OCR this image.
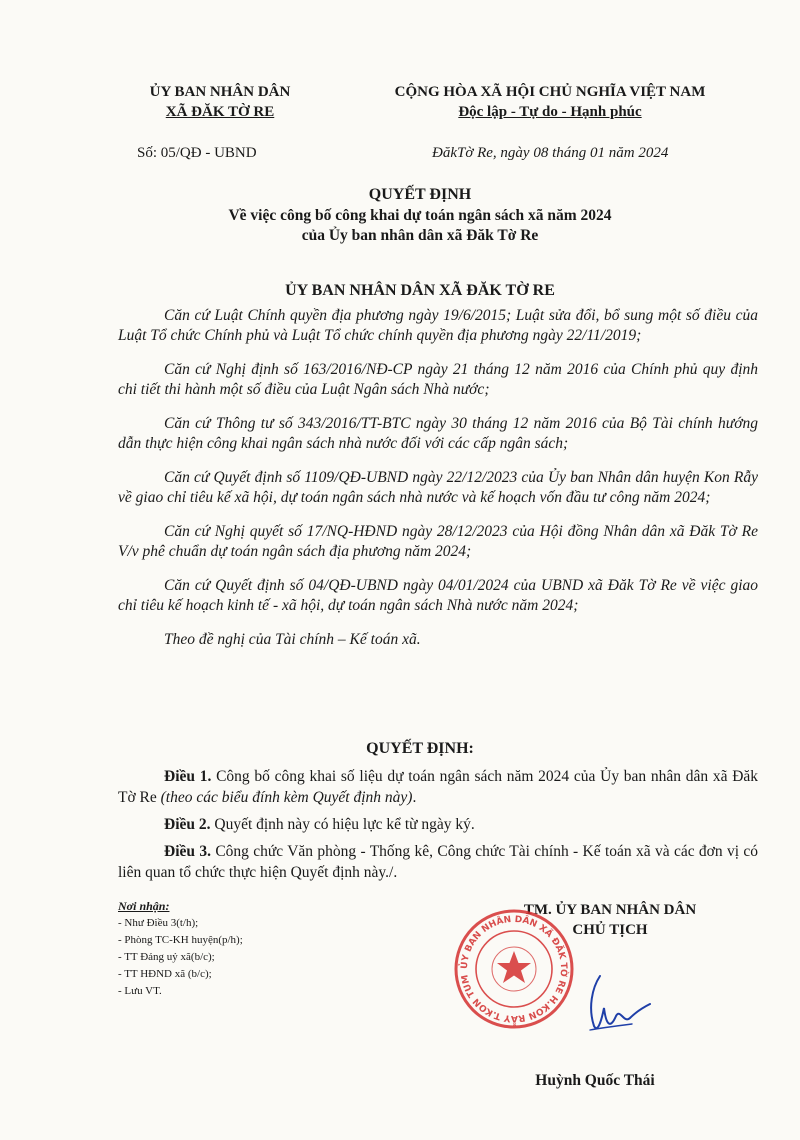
ỦY BAN NHÂN DÂN
XÃ ĐĂK TỜ RE
CỘNG HÒA XÃ HỘI CHỦ NGHĨA VIỆT NAM
Độc lập - Tự do - Hạnh phúc
Số: 05/QĐ - UBND	ĐăkTờ Re, ngày 08 tháng 01 năm 2024
QUYẾT ĐỊNH
Về việc công bố công khai dự toán ngân sách xã năm 2024
của Ủy ban nhân dân xã Đăk Tờ Re
ỦY BAN NHÂN DÂN XÃ ĐĂK TỜ RE

Căn cứ Luật Chính quyền địa phương ngày 19/6/2015; Luật sửa đổi, bổ sung một số điều của Luật Tổ chức Chính phủ và Luật Tổ chức chính quyền địa phương ngày 22/11/2019;

Căn cứ Nghị định số 163/2016/NĐ-CP ngày 21 tháng 12 năm 2016 của Chính phủ quy định chi tiết thi hành một số điều của Luật Ngân sách Nhà nước;

Căn cứ Thông tư số 343/2016/TT-BTC ngày 30 tháng 12 năm 2016 của Bộ Tài chính hướng dẫn thực hiện công khai ngân sách nhà nước đối với các cấp ngân sách;

Căn cứ Quyết định số 1109/QĐ-UBND ngày 22/12/2023 của Ủy ban Nhân dân huyện Kon Rẫy về giao chỉ tiêu kế xã hội, dự toán ngân sách nhà nước và kế hoạch vốn đầu tư công năm 2024;

Căn cứ Nghị quyết số 17/NQ-HĐND ngày 28/12/2023 của Hội đồng Nhân dân xã Đăk Tờ Re V/v phê chuẩn dự toán ngân sách địa phương năm 2024;

Căn cứ Quyết định số 04/QĐ-UBND ngày 04/01/2024 của UBND xã Đăk Tờ Re về việc giao chỉ tiêu kế hoạch kinh tế - xã hội, dự toán ngân sách Nhà nước năm 2024;

Theo đề nghị của Tài chính – Kế toán xã.

QUYẾT ĐỊNH:

Điều 1. Công bố công khai số liệu dự toán ngân sách năm 2024 của Ủy ban nhân dân xã Đăk Tờ Re (theo các biểu đính kèm Quyết định này).

Điều 2. Quyết định này có hiệu lực kể từ ngày ký.

Điều 3. Công chức Văn phòng - Thống kê, Công chức Tài chính - Kế toán xã và các đơn vị có liên quan tổ chức thực hiện Quyết định này./.

Nơi nhận:
- Như Điều 3(t/h);
- Phòng TC-KH huyện(p/h);
- TT Đảng uỷ xã(b/c);
- TT HĐND xã (b/c);
- Lưu VT.
TM. ỦY BAN NHÂN DÂN
CHỦ TỊCH
ỦY BAN NHÂN DÂN XÃ ĐĂK TỜ RE H.KON RẪY T.KON TUM
Huỳnh Quốc Thái
